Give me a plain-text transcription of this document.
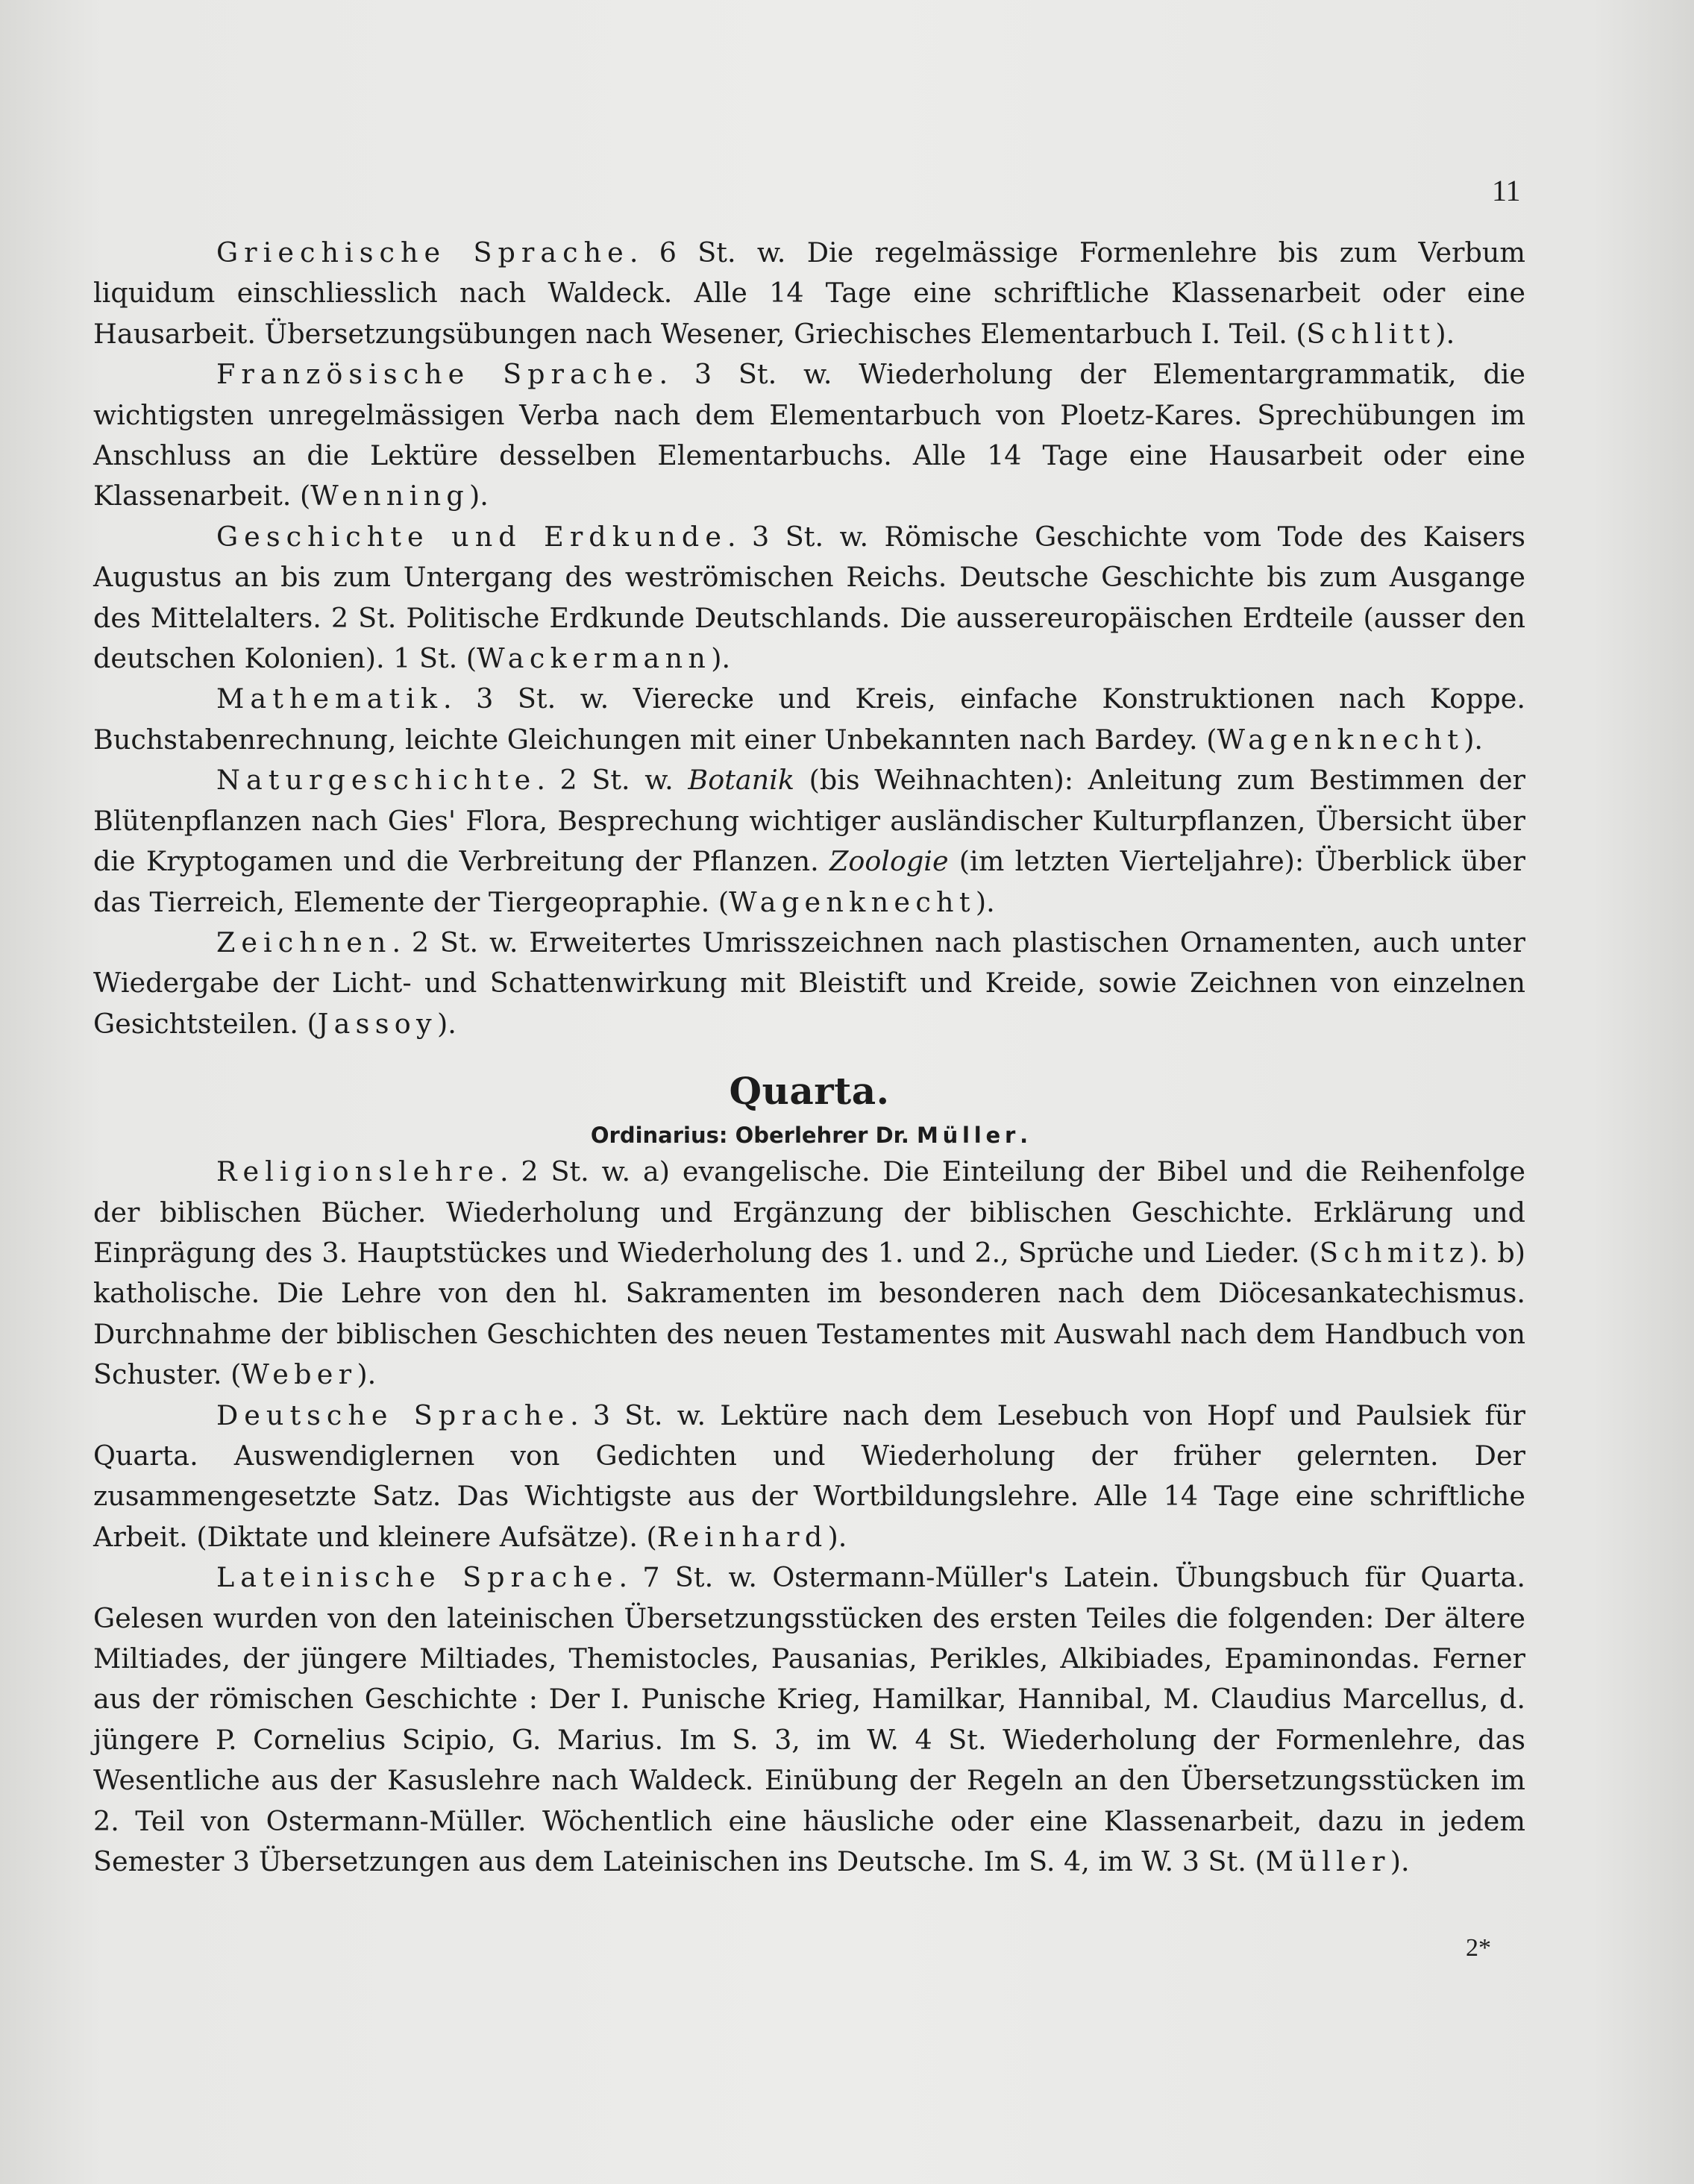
11

Griechische Sprache. 6 St. w. Die regelmässige Formenlehre bis zum Verbum liquidum einschliesslich nach Waldeck. Alle 14 Tage eine schriftliche Klassenarbeit oder eine Hausarbeit. Übersetzungsübungen nach Wesener, Griechisches Elementarbuch I. Teil. (Schlitt).

Französische Sprache. 3 St. w. Wiederholung der Elementargrammatik, die wichtigsten unregelmässigen Verba nach dem Elementarbuch von Ploetz-Kares. Sprechübungen im Anschluss an die Lektüre desselben Elementarbuchs. Alle 14 Tage eine Hausarbeit oder eine Klassenarbeit. (Wenning).

Geschichte und Erdkunde. 3 St. w. Römische Geschichte vom Tode des Kaisers Augustus an bis zum Untergang des weströmischen Reichs. Deutsche Geschichte bis zum Ausgange des Mittelalters. 2 St. Politische Erdkunde Deutschlands. Die aussereuropäischen Erdteile (ausser den deutschen Kolonien). 1 St. (Wackermann).

Mathematik. 3 St. w. Vierecke und Kreis, einfache Konstruktionen nach Koppe. Buchstabenrechnung, leichte Gleichungen mit einer Unbekannten nach Bardey. (Wagenknecht).

Naturgeschichte. 2 St. w. Botanik (bis Weihnachten): Anleitung zum Bestimmen der Blütenpflanzen nach Gies' Flora, Besprechung wichtiger ausländischer Kulturpflanzen, Übersicht über die Kryptogamen und die Verbreitung der Pflanzen. Zoologie (im letzten Vierteljahre): Überblick über das Tierreich, Elemente der Tiergeopraphie. (Wagenknecht).

Zeichnen. 2 St. w. Erweitertes Umrisszeichnen nach plastischen Ornamenten, auch unter Wiedergabe der Licht- und Schattenwirkung mit Bleistift und Kreide, sowie Zeichnen von einzelnen Gesichtsteilen. (Jassoy).

Quarta.

Ordinarius: Oberlehrer Dr. Müller.

Religionslehre. 2 St. w. a) evangelische. Die Einteilung der Bibel und die Reihenfolge der biblischen Bücher. Wiederholung und Ergänzung der biblischen Geschichte. Erklärung und Einprägung des 3. Hauptstückes und Wiederholung des 1. und 2., Sprüche und Lieder. (Schmitz). b) katholische. Die Lehre von den hl. Sakramenten im besonderen nach dem Diöcesankatechismus. Durchnahme der biblischen Geschichten des neuen Testamentes mit Auswahl nach dem Handbuch von Schuster. (Weber).

Deutsche Sprache. 3 St. w. Lektüre nach dem Lesebuch von Hopf und Paulsiek für Quarta. Auswendiglernen von Gedichten und Wiederholung der früher gelernten. Der zusammengesetzte Satz. Das Wichtigste aus der Wortbildungslehre. Alle 14 Tage eine schriftliche Arbeit. (Diktate und kleinere Aufsätze). (Reinhard).

Lateinische Sprache. 7 St. w. Ostermann-Müller's Latein. Übungsbuch für Quarta. Gelesen wurden von den lateinischen Übersetzungsstücken des ersten Teiles die folgenden: Der ältere Miltiades, der jüngere Miltiades, Themistocles, Pausanias, Perikles, Alkibiades, Epaminondas. Ferner aus der römischen Geschichte : Der I. Punische Krieg, Hamilkar, Hannibal, M. Claudius Marcellus, d. jüngere P. Cornelius Scipio, G. Marius. Im S. 3, im W. 4 St. Wiederholung der Formenlehre, das Wesentliche aus der Kasuslehre nach Waldeck. Einübung der Regeln an den Übersetzungsstücken im 2. Teil von Ostermann-Müller. Wöchentlich eine häusliche oder eine Klassenarbeit, dazu in jedem Semester 3 Übersetzungen aus dem Lateinischen ins Deutsche. Im S. 4, im W. 3 St. (Müller).

2*
